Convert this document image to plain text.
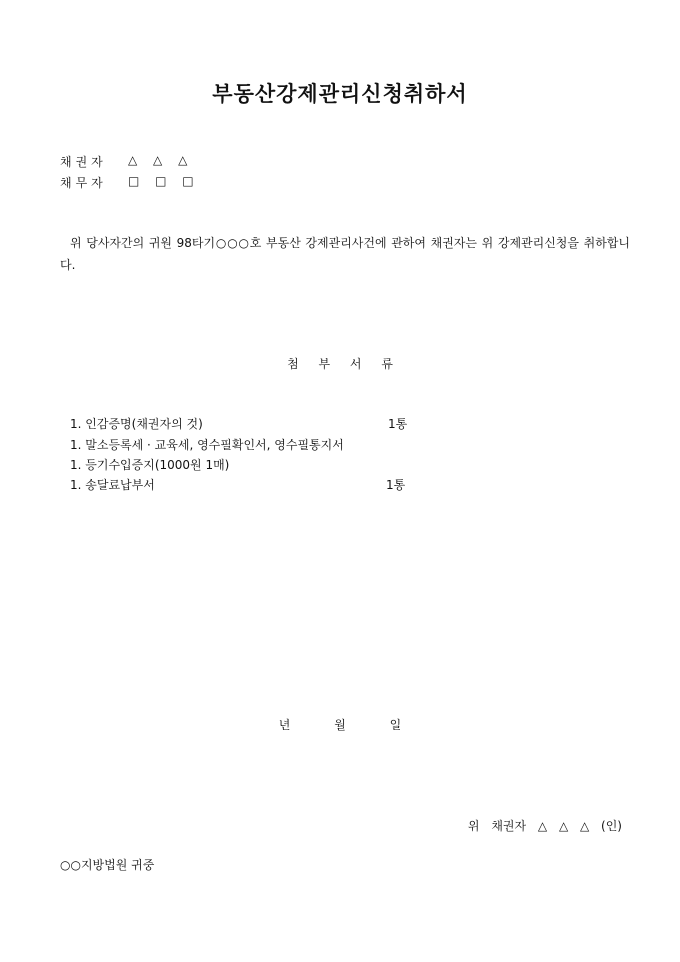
부동산강제관리신청취하서
채권자 △ △ △
채무자 □ □ □
위 당사자간의 귀원 98타기○○○호 부동산 강제관리사건에 관하여 채권자는 위 강제관리신청을 취하합니다.
첨 부 서 류
1. 인감증명(채권자의 것)	1통
1. 말소등록세 · 교육세, 영수필확인서, 영수필통지서
1. 등기수입증지(1000원 1매)
1. 송달료납부서	1통
년 월 일
위 채권자 △ △ △ (인)
○○지방법원 귀중
